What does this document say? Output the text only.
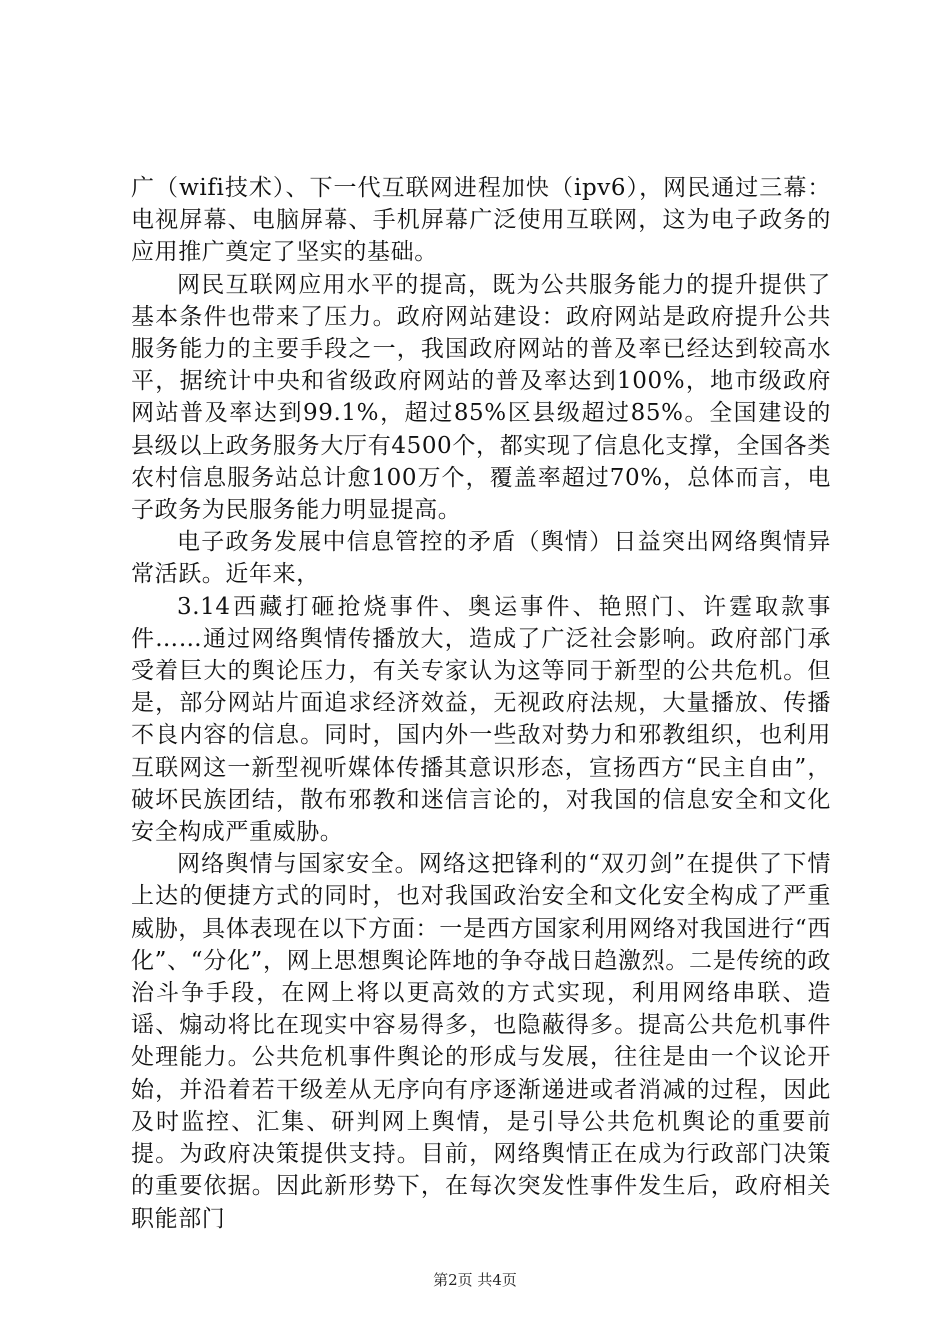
广（wifi技术）、下一代互联网进程加快（ipv6），网民通过三幕：电视屏幕、电脑屏幕、手机屏幕广泛使用互联网，这为电子政务的应用推广奠定了坚实的基础。

网民互联网应用水平的提高，既为公共服务能力的提升提供了基本条件也带来了压力。政府网站建设：政府网站是政府提升公共服务能力的主要手段之一，我国政府网站的普及率已经达到较高水平，据统计中央和省级政府网站的普及率达到100%，地市级政府网站普及率达到99.1%，超过85%区县级超过85%。全国建设的县级以上政务服务大厅有4500个，都实现了信息化支撑，全国各类农村信息服务站总计愈100万个，覆盖率超过70%，总体而言，电子政务为民服务能力明显提高。

电子政务发展中信息管控的矛盾（舆情）日益突出网络舆情异常活跃。近年来，

3.14西藏打砸抢烧事件、奥运事件、艳照门、许霆取款事件……通过网络舆情传播放大，造成了广泛社会影响。政府部门承受着巨大的舆论压力，有关专家认为这等同于新型的公共危机。但是，部分网站片面追求经济效益，无视政府法规，大量播放、传播不良内容的信息。同时，国内外一些敌对势力和邪教组织，也利用互联网这一新型视听媒体传播其意识形态，宣扬西方“民主自由”，破坏民族团结，散布邪教和迷信言论的，对我国的信息安全和文化安全构成严重威胁。

网络舆情与国家安全。网络这把锋利的“双刃剑”在提供了下情上达的便捷方式的同时，也对我国政治安全和文化安全构成了严重威胁，具体表现在以下方面：一是西方国家利用网络对我国进行“西化”、“分化”，网上思想舆论阵地的争夺战日趋激烈。二是传统的政治斗争手段，在网上将以更高效的方式实现，利用网络串联、造谣、煽动将比在现实中容易得多，也隐蔽得多。提高公共危机事件处理能力。公共危机事件舆论的形成与发展，往往是由一个议论开始，并沿着若干级差从无序向有序逐渐递进或者消减的过程，因此及时监控、汇集、研判网上舆情，是引导公共危机舆论的重要前提。为政府决策提供支持。目前，网络舆情正在成为行政部门决策的重要依据。因此新形势下，在每次突发性事件发生后，政府相关职能部门

第2页 共4页
